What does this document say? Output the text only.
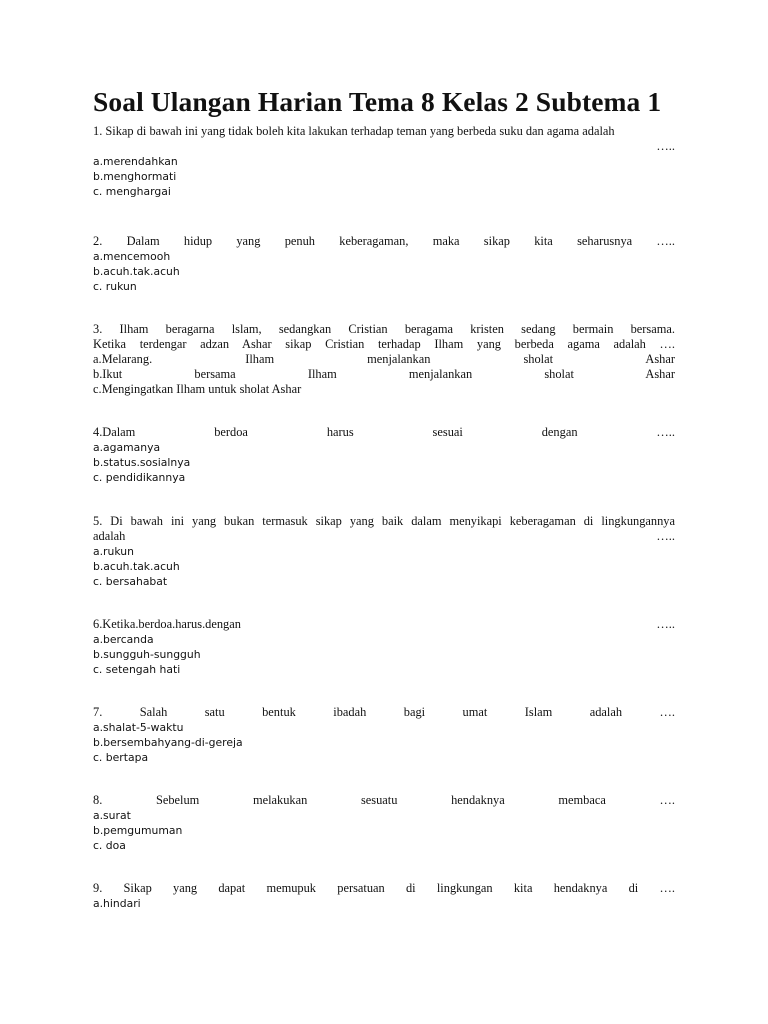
Soal Ulangan Harian Tema 8 Kelas 2 Subtema 1
1. Sikap di bawah ini yang tidak boleh kita lakukan terhadap teman yang berbeda suku dan agama adalah
…..
a.merendahkan
b.menghormati
c. menghargai
2. Dalam hidup yang penuh keberagaman, maka sikap kita seharusnya …..
a.mencemooh
b.acuh.tak.acuh
c. rukun
3. Ilham beragarna lslam, sedangkan Cristian beragama kristen sedang bermain bersama.
Ketika terdengar adzan Ashar sikap Cristian terhadap Ilham yang berbeda agama adalah ….
a.Melarang. Ilham menjalankan sholat Ashar
b.Ikut bersama Ilham menjalankan sholat Ashar
c.Mengingatkan Ilham untuk sholat Ashar
4.Dalam berdoa harus sesuai dengan …..
a.agamanya
b.status.sosialnya
c. pendidikannya
5. Di bawah ini yang bukan termasuk sikap yang baik dalam menyikapi keberagaman di lingkungannya
adalah …..
a.rukun
b.acuh.tak.acuh
c. bersahabat
6.Ketika.berdoa.harus.dengan …..
a.bercanda
b.sungguh-sungguh
c. setengah hati
7. Salah satu bentuk ibadah bagi umat Islam adalah ….
a.shalat-5-waktu
b.bersembahyang-di-gereja
c. bertapa
8. Sebelum melakukan sesuatu hendaknya membaca ….
a.surat
b.pemgumuman
c. doa
9. Sikap yang dapat memupuk persatuan di lingkungan kita hendaknya di ….
a.hindari
